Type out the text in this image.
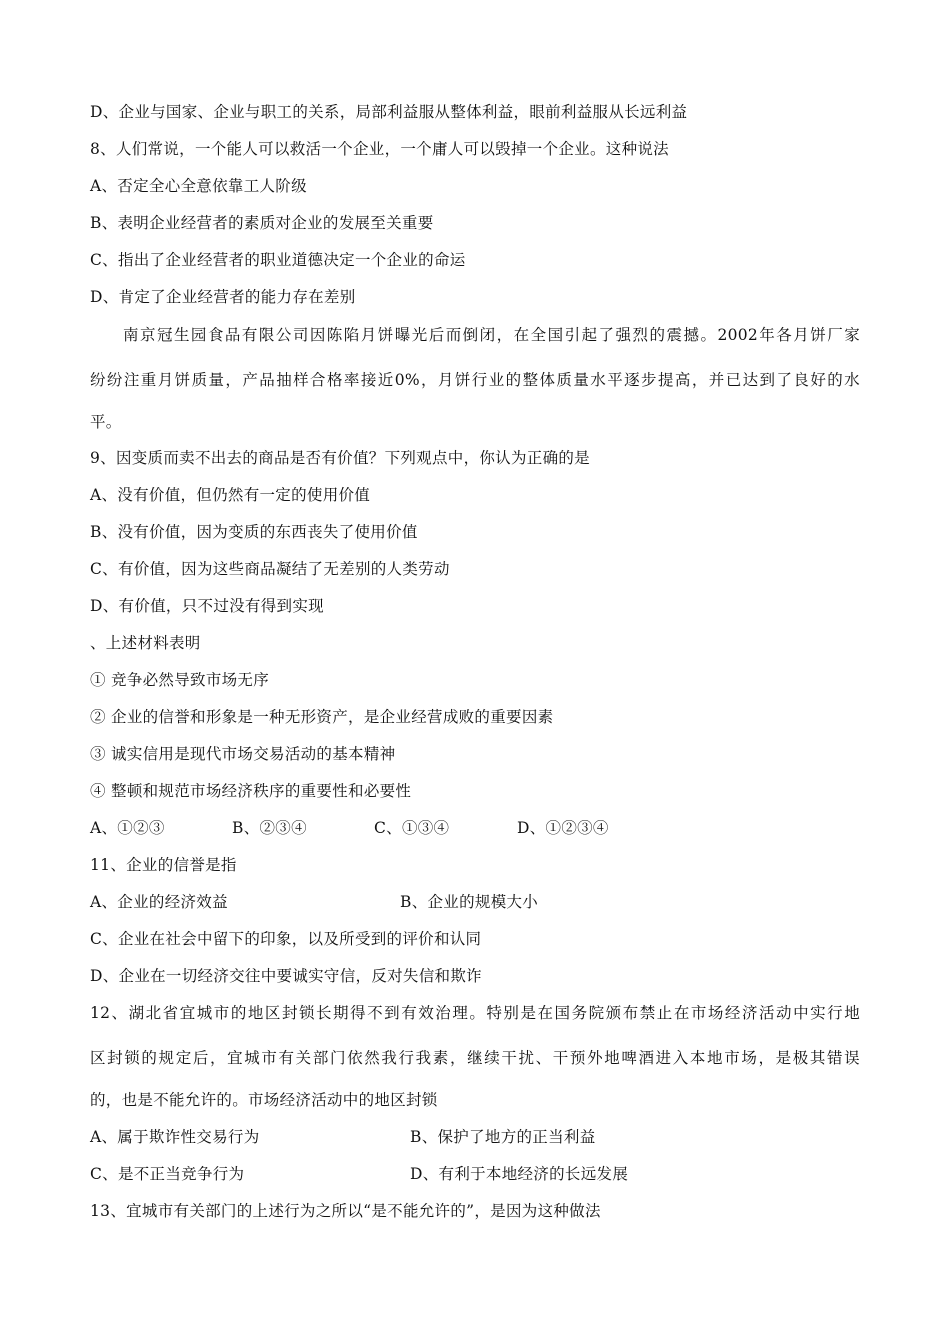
D、企业与国家、企业与职工的关系，局部利益服从整体利益，眼前利益服从长远利益
8、人们常说，一个能人可以救活一个企业，一个庸人可以毁掉一个企业。这种说法
A、否定全心全意依靠工人阶级
B、表明企业经营者的素质对企业的发展至关重要
C、指出了企业经营者的职业道德决定一个企业的命运
D、肯定了企业经营者的能力存在差别
南京冠生园食品有限公司因陈陷月饼曝光后而倒闭，在全国引起了强烈的震撼。2002年各月饼厂家
纷纷注重月饼质量，产品抽样合格率接近0%，月饼行业的整体质量水平逐步提高，并已达到了良好的水
平。
9、因变质而卖不出去的商品是否有价值？下列观点中，你认为正确的是
A、没有价值，但仍然有一定的使用价值
B、没有价值，因为变质的东西丧失了使用价值
C、有价值，因为这些商品凝结了无差别的人类劳动
D、有价值，只不过没有得到实现
、上述材料表明
① 竞争必然导致市场无序
② 企业的信誉和形象是一种无形资产，是企业经营成败的重要因素
③ 诚实信用是现代市场交易活动的基本精神
④ 整顿和规范市场经济秩序的重要性和必要性
A、①②③	B、②③④	C、①③④	D、①②③④
11、企业的信誉是指
A、企业的经济效益	B、企业的规模大小
C、企业在社会中留下的印象，以及所受到的评价和认同
D、企业在一切经济交往中要诚实守信，反对失信和欺诈
12、湖北省宜城市的地区封锁长期得不到有效治理。特别是在国务院颁布禁止在市场经济活动中实行地
区封锁的规定后，宜城市有关部门依然我行我素，继续干扰、干预外地啤酒进入本地市场，是极其错误
的，也是不能允许的。市场经济活动中的地区封锁
A、属于欺诈性交易行为	B、保护了地方的正当利益
C、是不正当竞争行为	D、有利于本地经济的长远发展
13、宜城市有关部门的上述行为之所以“是不能允许的”，是因为这种做法
